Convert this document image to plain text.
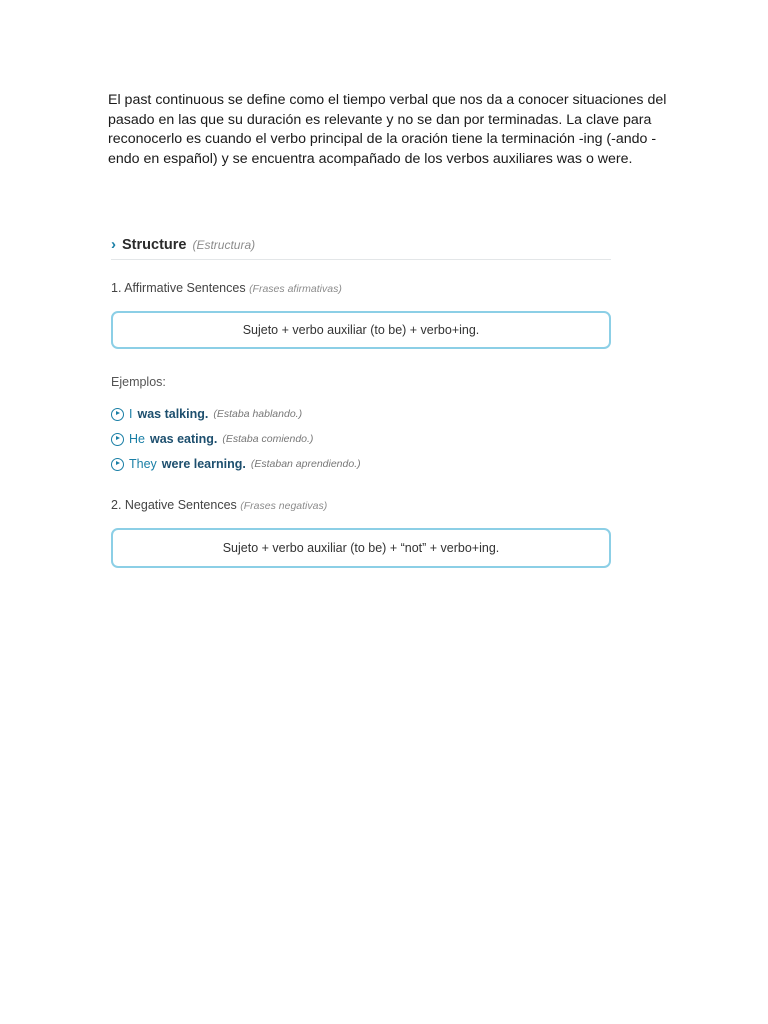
El past continuous se define como el tiempo verbal que nos da a conocer situaciones del pasado en las que su duración es relevante y no se dan por terminadas. La clave para reconocerlo es cuando el verbo principal de la oración tiene la terminación -ing (-ando -endo en español) y se encuentra acompañado de los verbos auxiliares was o were.

› Structure (Estructura)

1. Affirmative Sentences (Frases afirmativas)

Sujeto + verbo auxiliar (to be) + verbo+ing.

Ejemplos:

I was talking. (Estaba hablando.)
He was eating. (Estaba comiendo.)
They were learning. (Estaban aprendiendo.)

2. Negative Sentences (Frases negativas)

Sujeto + verbo auxiliar (to be) + “not” + verbo+ing.
